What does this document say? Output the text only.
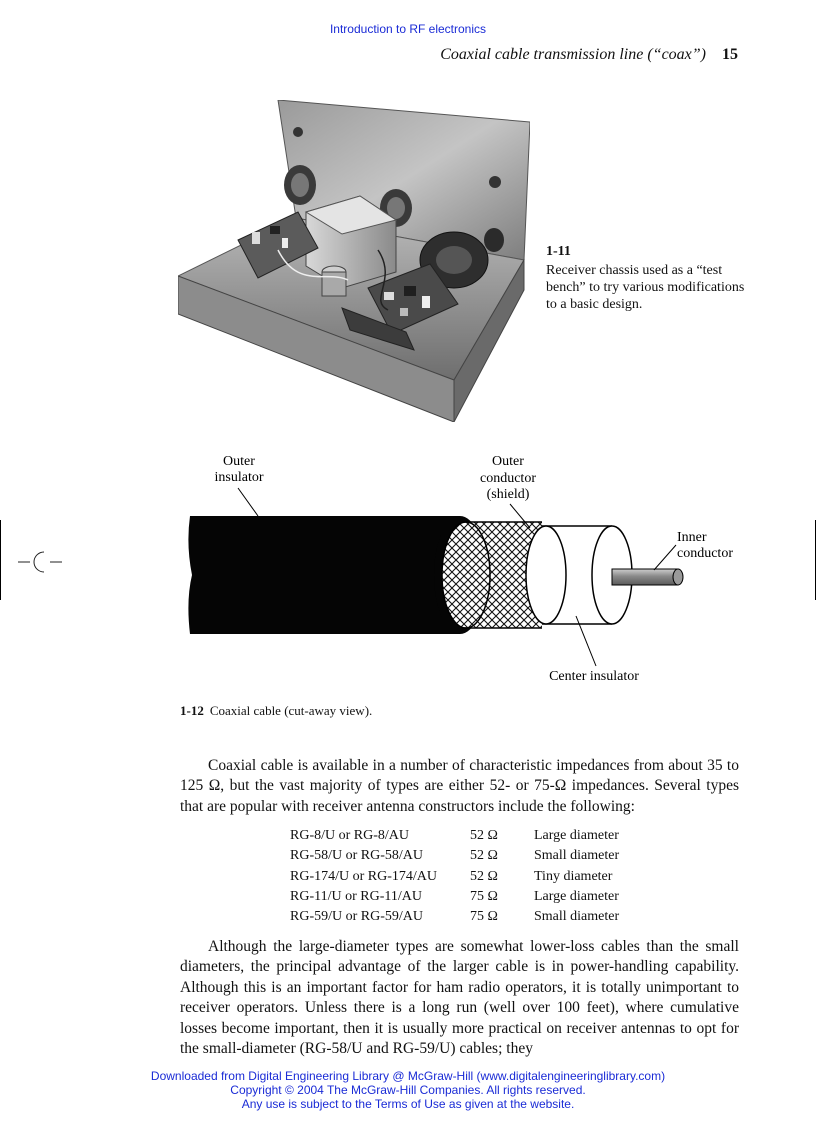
Introduction to RF electronics
Coaxial cable transmission line (“coax”) 15
1-11
Receiver chassis used as a “test bench” to try various modifications to a basic design.
Outer
insulator
Outer
conductor
(shield)
Inner
conductor
Center insulator
1-12 Coaxial cable (cut-away view).
Coaxial cable is available in a number of characteristic impedances from about 35 to 125 Ω, but the vast majority of types are either 52- or 75-Ω impedances. Several types that are popular with receiver antenna constructors include the following:
RG-8/U or RG-8/AU	52 Ω	Large diameter
RG-58/U or RG-58/AU	52 Ω	Small diameter
RG-174/U or RG-174/AU	52 Ω	Tiny diameter
RG-11/U or RG-11/AU	75 Ω	Large diameter
RG-59/U or RG-59/AU	75 Ω	Small diameter
Although the large-diameter types are somewhat lower-loss cables than the small diameters, the principal advantage of the larger cable is in power-handling capability. Although this is an important factor for ham radio operators, it is totally unimportant to receiver operators. Unless there is a long run (well over 100 feet), where cumulative losses become important, then it is usually more practical on receiver antennas to opt for the small-diameter (RG-58/U and RG-59/U) cables; they
Downloaded from Digital Engineering Library @ McGraw-Hill (www.digitalengineeringlibrary.com)
Copyright © 2004 The McGraw-Hill Companies. All rights reserved.
Any use is subject to the Terms of Use as given at the website.
